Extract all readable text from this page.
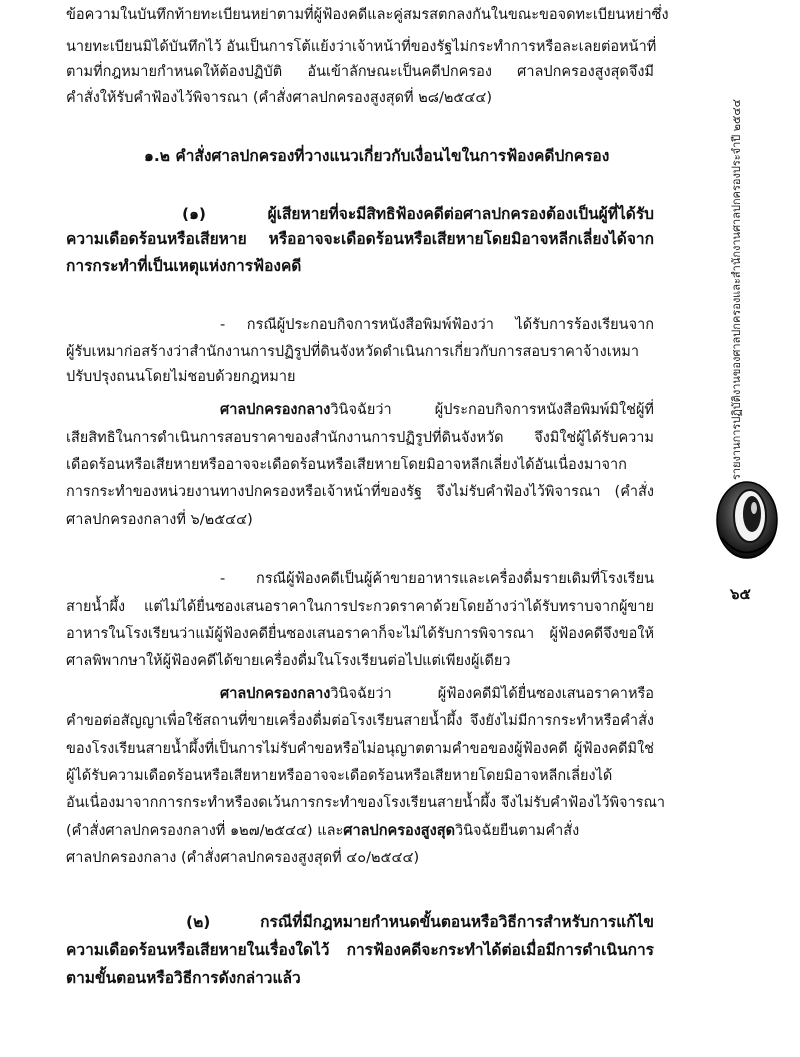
ข้อความในบันทึกท้ายทะเบียนหย่าตามที่ผู้ฟ้องคดีและคู่สมรสตกลงกันในขณะขอจดทะเบียนหย่าซึ่ง
นายทะเบียนมิได้บันทึกไว้ อันเป็นการโต้แย้งว่าเจ้าหน้าที่ของรัฐไม่กระทำการหรือละเลยต่อหน้าที่
ตามที่กฎหมายกำหนดให้ต้องปฏิบัติ อันเข้าลักษณะเป็นคดีปกครอง ศาลปกครองสูงสุดจึงมี
คำสั่งให้รับคำฟ้องไว้พิจารณา (คำสั่งศาลปกครองสูงสุดที่ ๒๘/๒๕๔๔)
๑.๒ คำสั่งศาลปกครองที่วางแนวเกี่ยวกับเงื่อนไขในการฟ้องคดีปกครอง
(๑) ผู้เสียหายที่จะมีสิทธิฟ้องคดีต่อศาลปกครองต้องเป็นผู้ที่ได้รับ
ความเดือดร้อนหรือเสียหาย หรืออาจจะเดือดร้อนหรือเสียหายโดยมิอาจหลีกเลี่ยงได้จาก
การกระทำที่เป็นเหตุแห่งการฟ้องคดี
- กรณีผู้ประกอบกิจการหนังสือพิมพ์ฟ้องว่า ได้รับการร้องเรียนจาก
ผู้รับเหมาก่อสร้างว่าสำนักงานการปฏิรูปที่ดินจังหวัดดำเนินการเกี่ยวกับการสอบราคาจ้างเหมา
ปรับปรุงถนนโดยไม่ชอบด้วยกฎหมาย
ศาลปกครองกลาง วินิจฉัยว่า ผู้ประกอบกิจการหนังสือพิมพ์มิใช่ผู้ที่
เสียสิทธิในการดำเนินการสอบราคาของสำนักงานการปฏิรูปที่ดินจังหวัด จึงมิใช่ผู้ได้รับความ
เดือดร้อนหรือเสียหายหรืออาจจะเดือดร้อนหรือเสียหายโดยมิอาจหลีกเลี่ยงได้อันเนื่องมาจาก
การกระทำของหน่วยงานทางปกครองหรือเจ้าหน้าที่ของรัฐ จึงไม่รับคำฟ้องไว้พิจารณา (คำสั่ง
ศาลปกครองกลางที่ ๖/๒๕๔๔)
- กรณีผู้ฟ้องคดีเป็นผู้ค้าขายอาหารและเครื่องดื่มรายเดิมที่โรงเรียน
สายน้ำผึ้ง แต่ไม่ได้ยื่นซองเสนอราคาในการประกวดราคาด้วยโดยอ้างว่าได้รับทราบจากผู้ขาย
อาหารในโรงเรียนว่าแม้ผู้ฟ้องคดียื่นซองเสนอราคาก็จะไม่ได้รับการพิจารณา ผู้ฟ้องคดีจึงขอให้
ศาลพิพากษาให้ผู้ฟ้องคดีได้ขายเครื่องดื่มในโรงเรียนต่อไปแต่เพียงผู้เดียว
ศาลปกครองกลาง วินิจฉัยว่า ผู้ฟ้องคดีมิได้ยื่นซองเสนอราคาหรือ
คำขอต่อสัญญาเพื่อใช้สถานที่ขายเครื่องดื่มต่อโรงเรียนสายน้ำผึ้ง จึงยังไม่มีการกระทำหรือคำสั่ง
ของโรงเรียนสายน้ำผึ้งที่เป็นการไม่รับคำขอหรือไม่อนุญาตตามคำขอของผู้ฟ้องคดี ผู้ฟ้องคดีมิใช่
ผู้ได้รับความเดือดร้อนหรือเสียหายหรืออาจจะเดือดร้อนหรือเสียหายโดยมิอาจหลีกเลี่ยงได้
อันเนื่องมาจากการกระทำหรืองดเว้นการกระทำของโรงเรียนสายน้ำผึ้ง จึงไม่รับคำฟ้องไว้พิจารณา
(คำสั่งศาลปกครองกลางที่ ๑๒๗/๒๕๔๔) และ ศาลปกครองสูงสุด วินิจฉัยยืนตามคำสั่ง
ศาลปกครองกลาง (คำสั่งศาลปกครองสูงสุดที่ ๔๐/๒๕๔๔)
(๒) กรณีที่มีกฎหมายกำหนดขั้นตอนหรือวิธีการสำหรับการแก้ไข
ความเดือดร้อนหรือเสียหายในเรื่องใดไว้ การฟ้องคดีจะกระทำได้ต่อเมื่อมีการดำเนินการ
ตามขั้นตอนหรือวิธีการดังกล่าวแล้ว
รายงานการปฏิบัติงานของศาลปกครองและสำนักงานศาลปกครองประจำปี ๒๕๔๔
๖๕
